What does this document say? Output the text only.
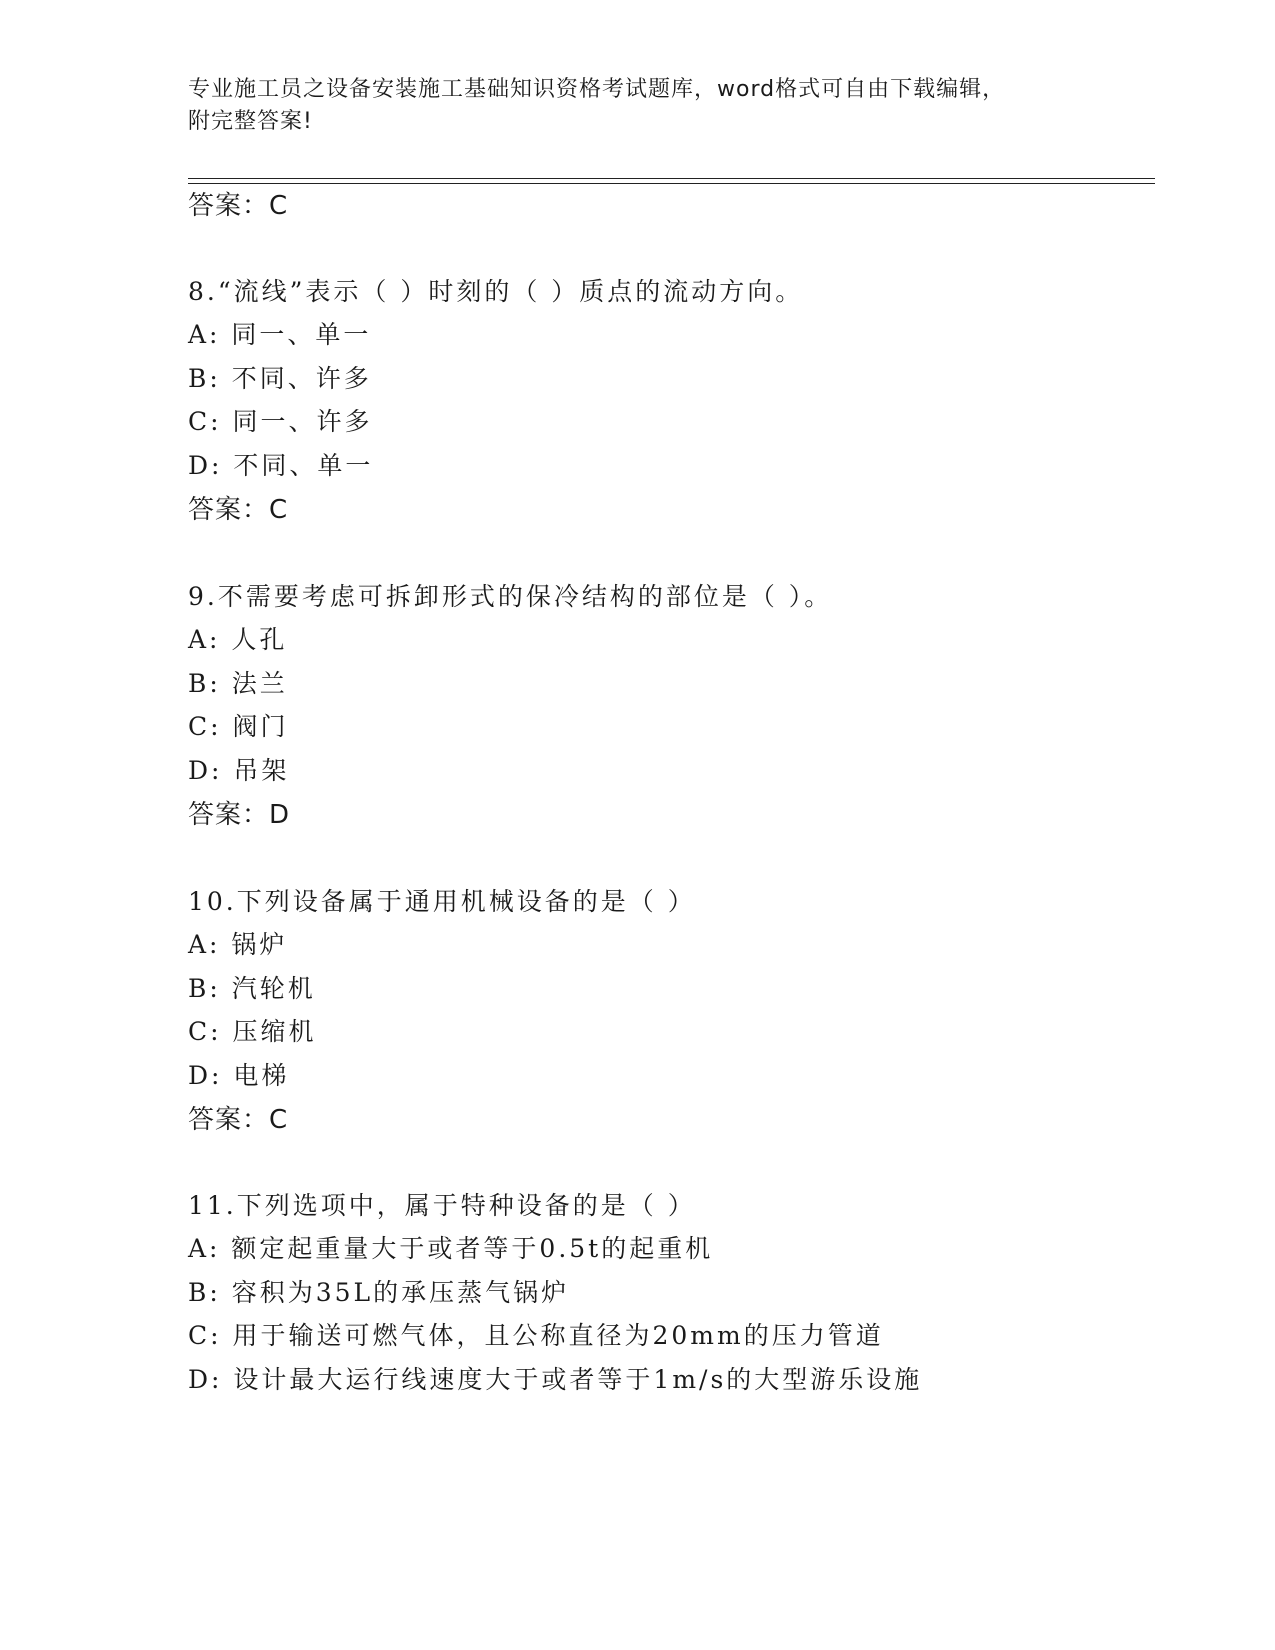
专业施工员之设备安装施工基础知识资格考试题库，word格式可自由下载编辑，
附完整答案!
答案：C
8.“流线”表示（ ）时刻的（ ）质点的流动方向。
A: 同一、单一
B: 不同、许多
C: 同一、许多
D: 不同、单一
答案：C
9.不需要考虑可拆卸形式的保冷结构的部位是（ ）。
A: 人孔
B: 法兰
C: 阀门
D: 吊架
答案：D
10.下列设备属于通用机械设备的是（ ）
A: 锅炉
B: 汽轮机
C: 压缩机
D: 电梯
答案：C
11.下列选项中，属于特种设备的是（ ）
A: 额定起重量大于或者等于0.5t的起重机
B: 容积为35L的承压蒸气锅炉
C: 用于输送可燃气体，且公称直径为20mm的压力管道
D: 设计最大运行线速度大于或者等于1m/s的大型游乐设施
